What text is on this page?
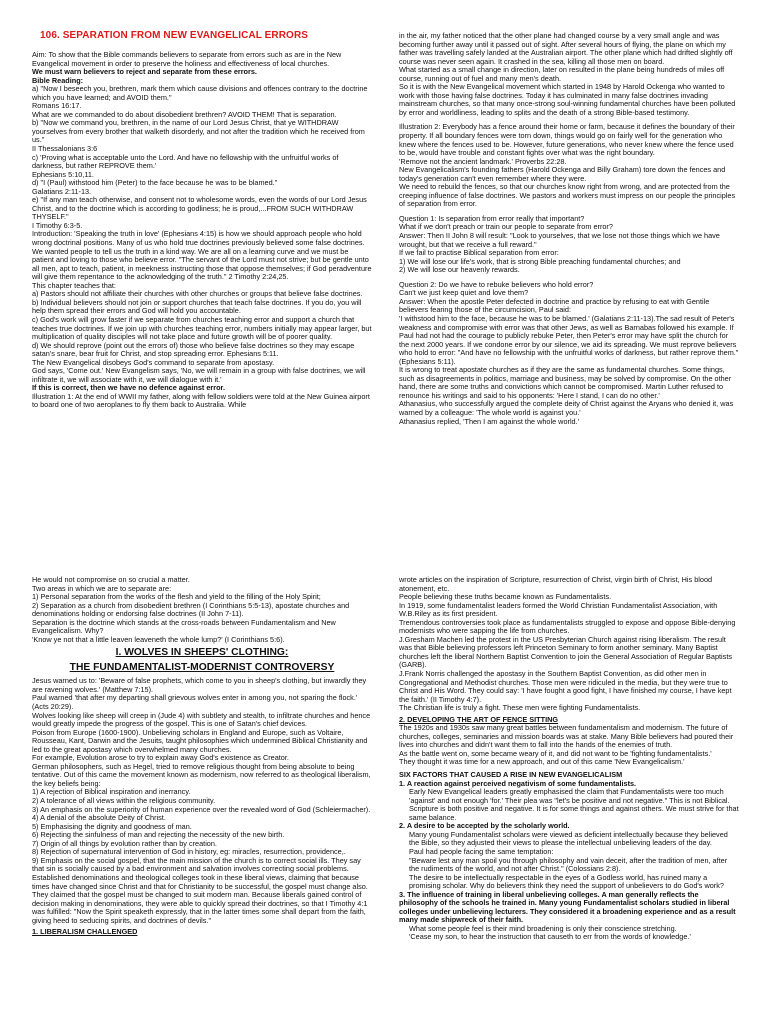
106. SEPARATION FROM NEW EVANGELICAL ERRORS

Aim: To show that the Bible commands believers to separate from errors such as are in the New Evangelical movement in order to preserve the holiness and effectiveness of local churches.

We must warn believers to reject and separate from these errors.

Bible Reading:

a) "Now I beseech you, brethren, mark them which cause divisions and offences contrary to the doctrine which you have learned; and AVOID them."

Romans 16:17.

What are we commanded to do about disobedient brethren? AVOID THEM! That is separation.

b) "Now we command you, brethren, in the name of our Lord Jesus Christ, that ye WITHDRAW yourselves from every brother that walketh disorderly, and not after the tradition which he received from us."

II Thessalonians 3:6

c) 'Proving what is acceptable unto the Lord. And have no fellowship with the unfruitful works of darkness, but rather REPROVE them.'

Ephesians 5:10,11.

d) "I (Paul) withstood him (Peter) to the face because he was to be blamed."

Galatians 2:11-13.

e) "If any man teach otherwise, and consent not to wholesome words, even the words of our Lord Jesus Christ, and to the doctrine which is according to godliness; he is proud,...FROM SUCH WITHDRAW THYSELF."

I Timothy 6:3-5.

Introduction: 'Speaking the truth in love' (Ephesians 4:15) is how we should approach people who hold wrong doctrinal positions. Many of us who hold true doctrines previously believed some false doctrines. We wanted people to tell us the truth in a kind way. We are all on a learning curve and we must be patient and loving to those who believe error. "The servant of the Lord must not strive; but be gentle unto all men, apt to teach, patient, in meekness instructing those that oppose themselves; if God peradventure will give them repentance to the acknowledging of the truth." 2 Timothy 2:24,25.

This chapter teaches that:

a) Pastors should not affiliate their churches with other churches or groups that believe false doctrines.

b) Individual believers should not join or support churches that teach false doctrines. If you do, you will help them spread their errors and God will hold you accountable.

c) God's work will grow faster if we separate from churches teaching error and support a church that teaches true doctrines. If we join up with churches teaching error, numbers initially may appear larger, but multiplication of quality disciples will not take place and future growth will be of poorer quality.

d) We should reprove (point out the errors of) those who believe false doctrines so they may escape satan's snare, bear fruit for Christ, and stop spreading error. Ephesians 5:11.

The New Evangelical disobeys God's command to separate from apostasy.

God says, 'Come out.' New Evangelism says, 'No, we will remain in a group with false doctrines, we will infiltrate it, we will associate with it, we will dialogue with it.'

If this is correct, then we have no defence against error.

Illustration 1: At the end of WWII my father, along with fellow soldiers were told at the New Guinea airport to board one of two aeroplanes to fly them back to Australia. While

in the air, my father noticed that the other plane had changed course by a very small angle and was becoming further away until it passed out of sight. After several hours of flying, the plane on which my father was travelling safely landed at the Australian airport. The other plane which had drifted slightly off course was never seen again. It crashed in the sea, killing all those men on board.

What started as a small change in direction, later on resulted in the plane being hundreds of miles off course, running out of fuel and many men's death.

So it is with the New Evangelical movement which started in 1948 by Harold Ockenga who wanted to work with those having false doctrines. Today it has culminated in many false doctrines invading mainstream churches, so that many once-strong soul-winning fundamental churches have been polluted by error and worldliness, leading to splits and the death of a strong Bible-based testimony.

Illustration 2: Everybody has a fence around their home or farm, because it defines the boundary of their property. If all boundary fences were torn down, things would go on fairly well for the generation who knew where the fences used to be. However, future generations, who never knew where the fence used to be, would have trouble and constant fights over what was the right boundary.

'Remove not the ancient landmark.' Proverbs 22:28.

New Evangelicalism's founding fathers (Harold Ockenga and Billy Graham) tore down the fences and today's generation can't even remember where they were.

We need to rebuild the fences, so that our churches know right from wrong, and are protected from the creeping influence of false doctrines. We pastors and workers must impress on our people the principles of separation from error.

Question 1: Is separation from error really that important?

What if we don't preach or train our people to separate from error?

Answer: Then II John 8 will result: "Look to yourselves, that we lose not those things which we have wrought, but that we receive a full reward."

If we fail to practise Biblical separation from error:

1) We will lose our life's work, that is strong Bible preaching fundamental churches; and

2) We will lose our heavenly rewards.

Question 2: Do we have to rebuke believers who hold error?

Can't we just keep quiet and love them?

Answer: When the apostle Peter defected in doctrine and practice by refusing to eat with Gentile believers fearing those of the circumcision, Paul said:

'I withstood him to the face, because he was to be blamed.' (Galatians 2:11-13).The sad result of Peter's weakness and compromise with error was that other Jews, as well as Barnabas followed his example. If Paul had not had the courage to publicly rebuke Peter, then Peter's error may have split the church for the next 2000 years. If we condone error by our silence, we aid its spreading. We must reprove believers who hold to error: "And have no fellowship with the unfruitful works of darkness, but rather reprove them." (Ephesians 5:11).

It is wrong to treat apostate churches as if they are the same as fundamental churches. Some things, such as disagreements in politics, marriage and business, may be solved by compromise. On the other hand, there are some truths and convictions which cannot be compromised. Martin Luther refused to renounce his writings and said to his opponents: 'Here I stand, I can do no other.'

Athanasius, who successfully argued the complete deity of Christ against the Aryans who denied it, was warned by a colleague: 'The whole world is against you.'

Athanasius replied, 'Then I am against the whole world.'

He would not compromise on so crucial a matter.

Two areas in which we are to separate are:

1) Personal separation from the works of the flesh and yield to the filling of the Holy Spirit;

2) Separation as a church from disobedient brethren (I Corinthians 5:5-13), apostate churches and denominations holding or endorsing false doctrines (II John 7-11).

Separation is the doctrine which stands at the cross-roads between Fundamentalism and New Evangelicalism. Why?

'Know ye not that a little leaven leaveneth the whole lump?' (I Corinthians 5:6).

I. WOLVES IN SHEEPS' CLOTHING:

THE FUNDAMENTALIST-MODERNIST CONTROVERSY

Jesus warned us to: 'Beware of false prophets, which come to you in sheep's clothing, but inwardly they are ravening wolves.' (Matthew 7:15).

Paul warned 'that after my departing shall grievous wolves enter in among you, not sparing the flock.' (Acts 20:29).

Wolves looking like sheep will creep in (Jude 4) with subtlety and stealth, to infiltrate churches and hence would greatly impede the progress of the gospel. This is one of Satan's chief devices.

Poison from Europe (1600-1900). Unbelieving scholars in England and Europe, such as Voltaire, Rousseau, Kant, Darwin and the Jesuits, taught philosophies which undermined Biblical Christianity and led to the great apostasy which overwhelmed many churches.

For example, Evolution arose to try to explain away God's existence as Creator.

German philosophers, such as Hegel, tried to remove religious thought from being absolute to being tentative. Out of this came the movement known as modernism, now referred to as theological liberalism, the key beliefs being:

1) A rejection of Biblical inspiration and inerrancy.

2) A tolerance of all views within the religious community.

3) An emphasis on the superiority of human experience over the revealed word of God (Schleiermacher).

4) A denial of the absolute Deity of Christ.

5) Emphasising the dignity and goodness of man.

6) Rejecting the sinfulness of man and rejecting the necessity of the new birth.

7) Origin of all things by evolution rather than by creation.

8) Rejection of supernatural intervention of God in history, eg: miracles, resurrection, providence,.

9) Emphasis on the social gospel, that the main mission of the church is to correct social ills. They say that sin is socially caused by a bad environment and salvation involves correcting social problems. Established denominations and theological colleges took in these liberal views, claiming that because times have changed since Christ and that for Christianity to be successful, the gospel must change also. They claimed that the gospel must be changed to suit modern man. Because liberals gained control of decision making in denominations, they were able to quickly spread their doctrines, so that I Timothy 4:1 was fulfilled: "Now the Spirit speaketh expressly, that in the latter times some shall depart from the faith, giving heed to seducing spirits, and doctrines of devils."

1. LIBERALISM CHALLENGED

wrote articles on the inspiration of Scripture, resurrection of Christ, virgin birth of Christ, His blood atonement, etc.

People believing these truths became known as Fundamentalists.

In 1919, some fundamentalist leaders formed the World Christian Fundamentalist Association, with W.B.Riley as its first president.

Tremendous controversies took place as fundamentalists struggled to expose and oppose Bible-denying modernists who were sapping the life from churches.

J.Gresham Machen led the protest in the US Presbyterian Church against rising liberalism. The result was that Bible believing professors left Princeton Seminary to form another seminary. Many Baptist churches left the liberal Northern Baptist Convention to join the General Association of Regular Baptists (GARB).

J.Frank Norris challenged the apostasy in the Southern Baptist Convention, as did other men in Congregational and Methodist churches. Those men were ridiculed in the media, but they were true to Christ and His Word. They could say: 'I have fought a good fight, I have finished my course, I have kept the faith.' (II Timothy 4:7).

The Christian life is truly a fight. These men were fighting Fundamentalists.

2. DEVELOPING THE ART OF FENCE SITTING

The 1920s and 1930s saw many great battles between fundamentalism and modernism. The future of churches, colleges, seminaries and mission boards was at stake. Many Bible believers had poured their lives into churches and didn't want them to fall into the hands of the enemies of truth.

As the battle went on, some became weary of it, and did not want to be 'fighting fundamentalists.'

They thought it was time for a new approach, and out of this came 'New Evangelicalism.'

SIX FACTORS THAT CAUSED A RISE IN NEW EVANGELICALISM

1. A reaction against perceived negativism of some fundamentalists.

Early New Evangelical leaders greatly emphasised the claim that Fundamentalists were too much 'against' and not enough 'for.' Their plea was "let's be positive and not negative." This is not Biblical. Scripture is both positive and negative. It is for some things and against others. We must strive for that same balance.

2. A desire to be accepted by the scholarly world.

Many young Fundamentalist scholars were viewed as deficient intellectually because they believed the Bible, so they adjusted their views to please the intellectual unbelieving leaders of the day.

Paul had people facing the same temptation:

"Beware lest any man spoil you through philosophy and vain deceit, after the tradition of men, after the rudiments of the world, and not after Christ." (Colossians 2:8).

The desire to be intellectually respectable in the eyes of a Godless world, has ruined many a promising scholar. Why do believers think they need the support of unbelievers to do God's work?

3. The influence of training in liberal unbelieving colleges. A man generally reflects the philosophy of the schools he trained in. Many young Fundamentalist scholars studied in liberal colleges under unbelieving lecturers. They considered it a broadening experience and as a result many made shipwreck of their faith.

What some people feel is their mind broadening is only their conscience stretching.

'Cease my son, to hear the instruction that causeth to err from the words of knowledge.'
